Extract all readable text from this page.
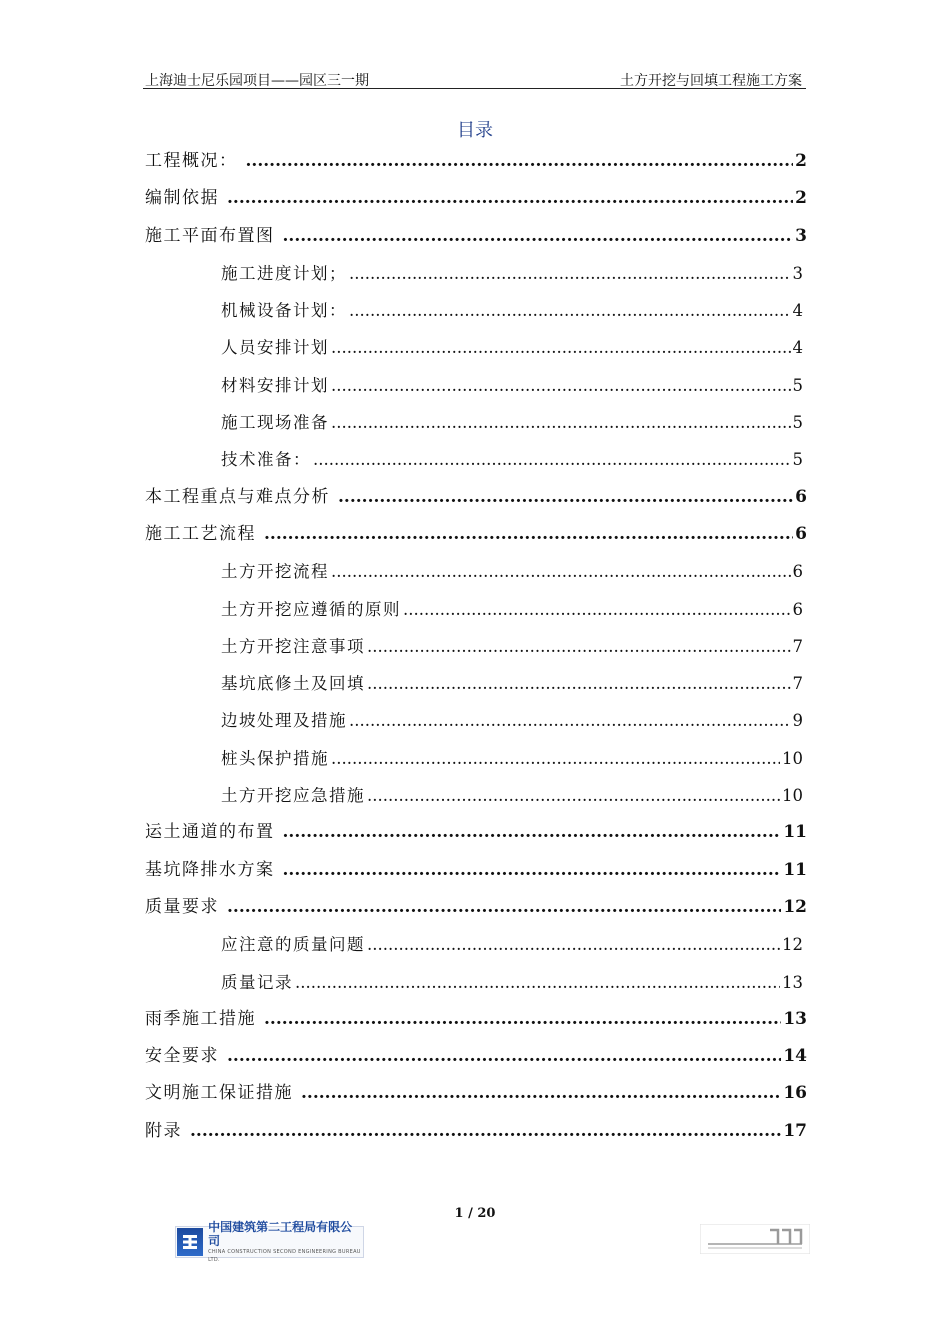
上海迪士尼乐园项目——园区三一期	土方开挖与回填工程施工方案
目录
工程概况： .....	2
编制依据 .....	2
施工平面布置图 .....	3
施工进度计划； .....	3
机械设备计划： .....	4
人员安排计划 .....	4
材料安排计划 .....	5
施工现场准备 .....	5
技术准备： .....	5
本工程重点与难点分析 .....	6
施工工艺流程 .....	6
土方开挖流程 .....	6
土方开挖应遵循的原则 .....	6
土方开挖注意事项 .....	7
基坑底修土及回填 .....	7
边坡处理及措施 .....	9
桩头保护措施 .....	10
土方开挖应急措施 .....	10
运土通道的布置 .....	11
基坑降排水方案 .....	11
质量要求 .....	12
应注意的质量问题 .....	12
质量记录 .....	13
雨季施工措施 .....	13
安全要求 .....	14
文明施工保证措施 .....	16
附录 .....	17
1 / 20
中国建筑第二工程局有限公司
CHINA CONSTRUCTION SECOND ENGINEERING BUREAU LTD.
